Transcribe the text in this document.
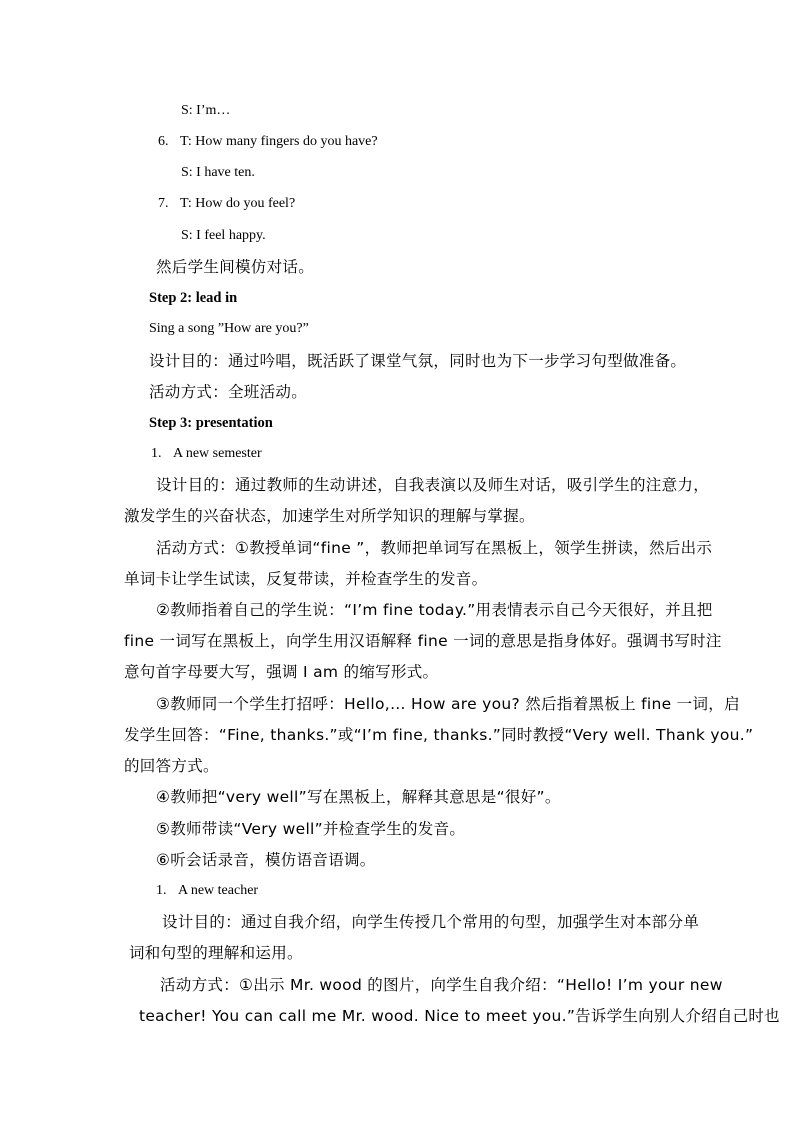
S: I’m…
6. T: How many fingers do you have?
S: I have ten.
7. T: How do you feel?
S: I feel happy.
然后学生间模仿对话。
Step 2: lead in
Sing a song ”How are you?”
设计目的：通过吟唱，既活跃了课堂气氛，同时也为下一步学习句型做准备。
活动方式：全班活动。
Step 3: presentation
1. A new semester
设计目的：通过教师的生动讲述，自我表演以及师生对话，吸引学生的注意力，
激发学生的兴奋状态，加速学生对所学知识的理解与掌握。
活动方式：①教授单词“fine ”，教师把单词写在黑板上，领学生拼读，然后出示
单词卡让学生试读，反复带读，并检查学生的发音。
②教师指着自己的学生说：“I’m fine today.”用表情表示自己今天很好，并且把
fine 一词写在黑板上，向学生用汉语解释 fine 一词的意思是指身体好。强调书写时注
意句首字母要大写，强调 I am 的缩写形式。
③教师同一个学生打招呼：Hello,… How are you? 然后指着黑板上 fine 一词，启
发学生回答：“Fine, thanks.”或“I’m fine, thanks.”同时教授“Very well. Thank you.”
的回答方式。
④教师把“very well”写在黑板上，解释其意思是“很好”。
⑤教师带读“Very well”并检查学生的发音。
⑥听会话录音，模仿语音语调。
1. A new teacher
设计目的：通过自我介绍，向学生传授几个常用的句型，加强学生对本部分单
词和句型的理解和运用。
活动方式：①出示 Mr. wood 的图片，向学生自我介绍：“Hello! I’m your new
teacher! You can call me Mr. wood. Nice to meet you.”告诉学生向别人介绍自己时也
